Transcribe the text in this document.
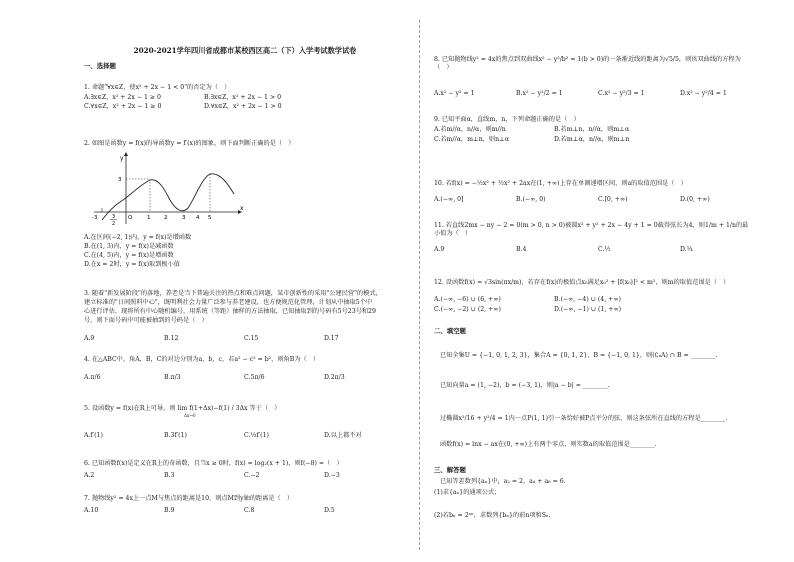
2020-2021学年四川省成都市某校西区高二（下）入学考试数学试卷
一、选择题
1. 命题"∀x∈Z，使x² + 2x − 1 < 0"的否定为（　）
A.∃x∈Z，x² + 2x − 1 ≥ 0	B.∃x∈Z，x² + 2x − 1 > 0
C.∀x∈Z，x² + 2x − 1 ≥ 0	D.∀x∈Z，x² + 2x − 1 > 0
2. 如图是函数y = f(x)的导函数y = f′(x)的图象，则下面判断正确的是（　）
y
x
3
O
-3	3
2
1 2	3 4 5
A.在区间(−2, 1)内，y = f(x)是增函数
B.在(1, 3)内，y = f(x)是减函数
C.在(4, 5)内，y = f(x)是增函数
D.在x = 2时，y = f(x)取到极小值
3. 随着"新发展阶段"的落地，养老是当下普遍关注的热点和难点问题，某市创新性的采用"公建民营"的模式，
建立标准的"日间照料中心"，既明利社会力量广泛参与养老建设，也方便规范化管理，计划从中抽取5个中
心进行评估，现将所有中心随机编号，用系统（等距）抽样的方法抽取，已知抽取到的号码有5号23号和29
号，则下面号码中可能被抽到的号码是（　）
A.9	B.12	C.15	D.17
4. 在△ABC中，角A，B，C的对边分别为a，b，c，若a² − c² = b²，则角B为（　）
A.π/6	B.π/3	C.5π/6	D.2π/3
5. 设函数y = f(x)在R上可导，则 lim f(1+Δx)−f(1) / 3Δx 等于（　）
Δx→0
A.f′(1)	B.3f′(1)	C.⅓f′(1)	D.以上都不对
6. 已知函数f(x)是定义在R上的奇函数，且当x ≥ 0时，f(x) = log₂(x + 1)，则f(−8) =（　）
A.2	B.3	C.−2	D.−3
7. 抛物线y² = 4x上一点M与焦点的距离是10，则点M到y轴的距离是（　）
A.10	B.9	C.8	D.5
8. 已知抛物线y² = 4x的焦点到双曲线x² − y²/b² = 1(b > 0)的一条渐近线的距离为√5/5，则该双曲线的方程为（　）
A.x² − y² = 1	B.x² − y²/2 = 1	C.x² − y²/3 = 1	D.x² − y²/4 = 1
9. 已知平面α，直线m，n，下列命题正确的是（　）
A.若m//α，n//α，则m//n	B.若m⊥n，n//α，则m⊥α
C.若m//α，m⊥n，则n⊥α	D.若m⊥α，n//α，则m⊥n
10. 若f(x) = −½x² + ½x² + 2ax在(1, +∞)上存在单调递增区间，则a的取值范围是（　）
A.(−∞, 0]	B.(−∞, 0)	C.[0, +∞)	D.(0, +∞)
11. 若直线2mx − ny − 2 = 0(m > 0, n > 0)被圆x² + y² + 2x − 4y + 1 = 0截得弦长为4，则1/m + 1/n的最小值为（　）
A.9	B.4	C.½	D.¼
12. 设函数f(x) = √3sin(πx/m)，若存在f(x)的极值点x₀满足x₀² + [f(x₀)]² < m²，则m的取值范围是（　）
A.(−∞, −6) ∪ (6, +∞)	B.(−∞, −4) ∪ (4, +∞)
C.(−∞, −2) ∪ (2, +∞)	D.(−∞, −1) ∪ (1, +∞)
二、填空题
已知全集U = {−1, 0, 1, 2, 3}，集合A = {0, 1, 2}，B = {−1, 0, 1}，则(∁ᵤA) ∩ B = ________.
已知向量a = (1, −2)，b = (−3, 1)，则|a − b| = ________.
过椭圆x²/16 + y²/4 = 1内一点P(1, 1)引一条恰好被P点平分的弦，则这条弦所在直线的方程是________.
函数f(x) = lnx − ax在(0, +∞)上有两个零点，则实数a的取值范围是________.
三、解答题
已知等差数列{aₙ}中，a₂ = 2，a₄ + a₆ = 6.
(1)求{aₙ}的通项公式；
(2)若bₙ = 2ᵃⁿ，求数列{bₙ}的前n项和Sₙ.
